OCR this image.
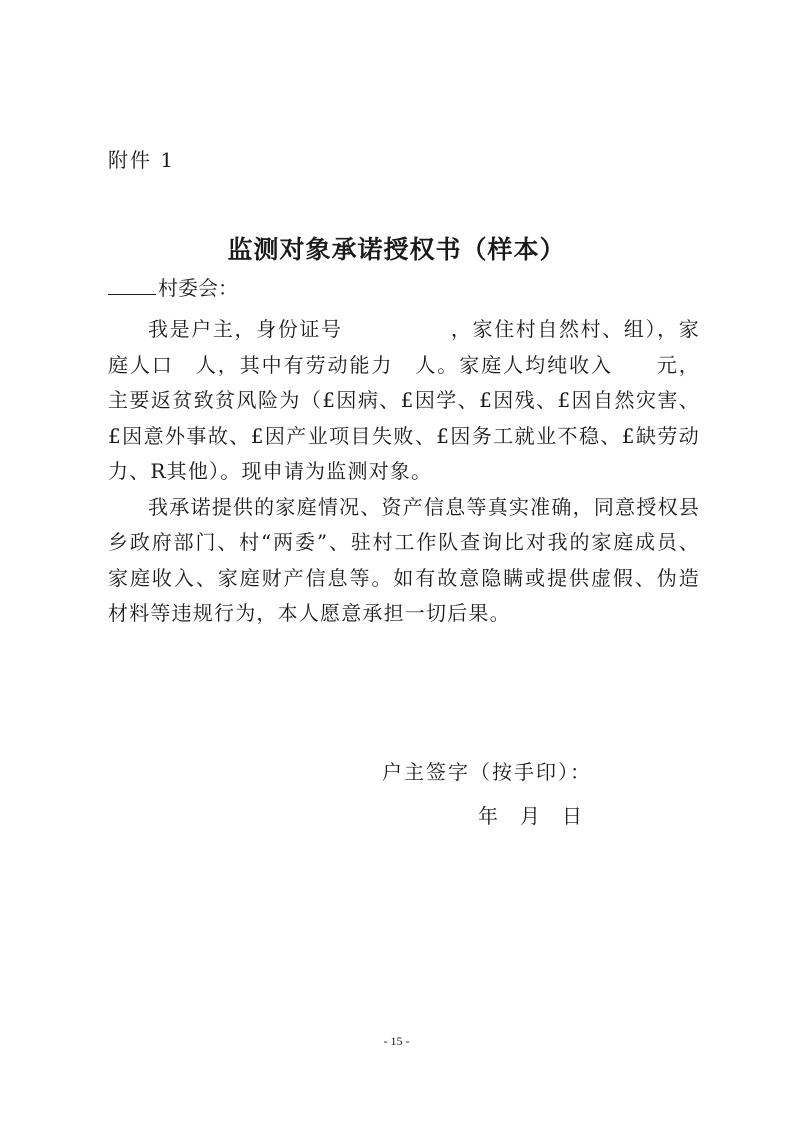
附件 1
监测对象承诺授权书（样本）
村委会：

我是户主，身份证号　　　　　，家住村自然村、组），家庭人口　人，其中有劳动能力　人。家庭人均纯收入　　元，主要返贫致贫风险为（£因病、£因学、£因残、£因自然灾害、£因意外事故、£因产业项目失败、£因务工就业不稳、£缺劳动力、R其他）。现申请为监测对象。

我承诺提供的家庭情况、资产信息等真实准确，同意授权县乡政府部门、村“两委”、驻村工作队查询比对我的家庭成员、家庭收入、家庭财产信息等。如有故意隐瞒或提供虚假、伪造材料等违规行为，本人愿意承担一切后果。

户主签字（按手印）：
年 月 日
- 15 -
